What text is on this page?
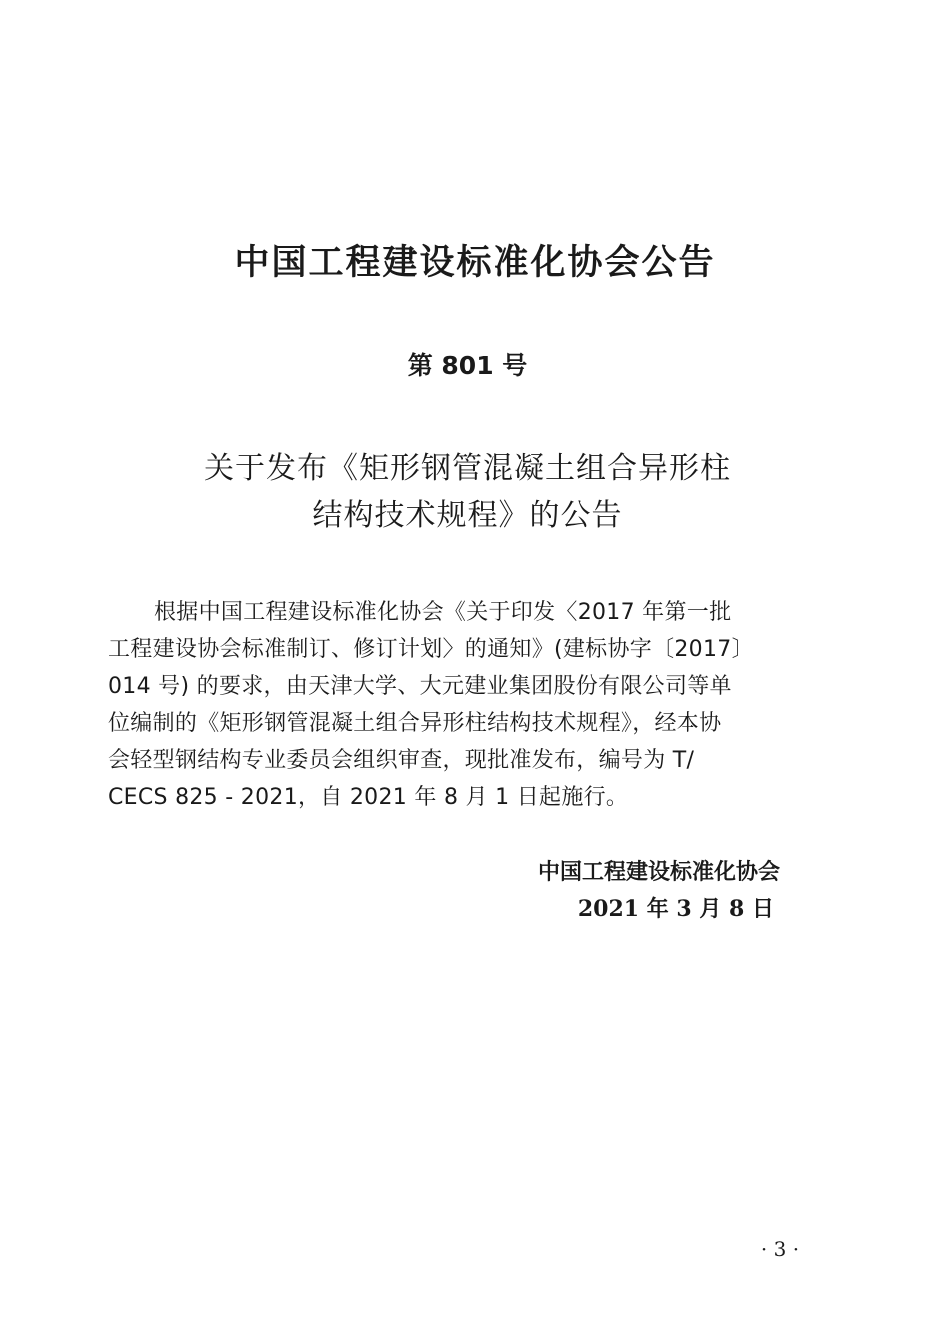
中国工程建设标准化协会公告
第 801 号
关于发布《矩形钢管混凝土组合异形柱
结构技术规程》的公告
根据中国工程建设标准化协会《关于印发〈2017 年第一批
工程建设协会标准制订、修订计划〉的通知》(建标协字〔2017〕
014 号) 的要求，由天津大学、大元建业集团股份有限公司等单
位编制的《矩形钢管混凝土组合异形柱结构技术规程》，经本协
会轻型钢结构专业委员会组织审查，现批准发布，编号为 T/
CECS 825 - 2021，自 2021 年 8 月 1 日起施行。
中国工程建设标准化协会
2021 年 3 月 8 日
· 3 ·
